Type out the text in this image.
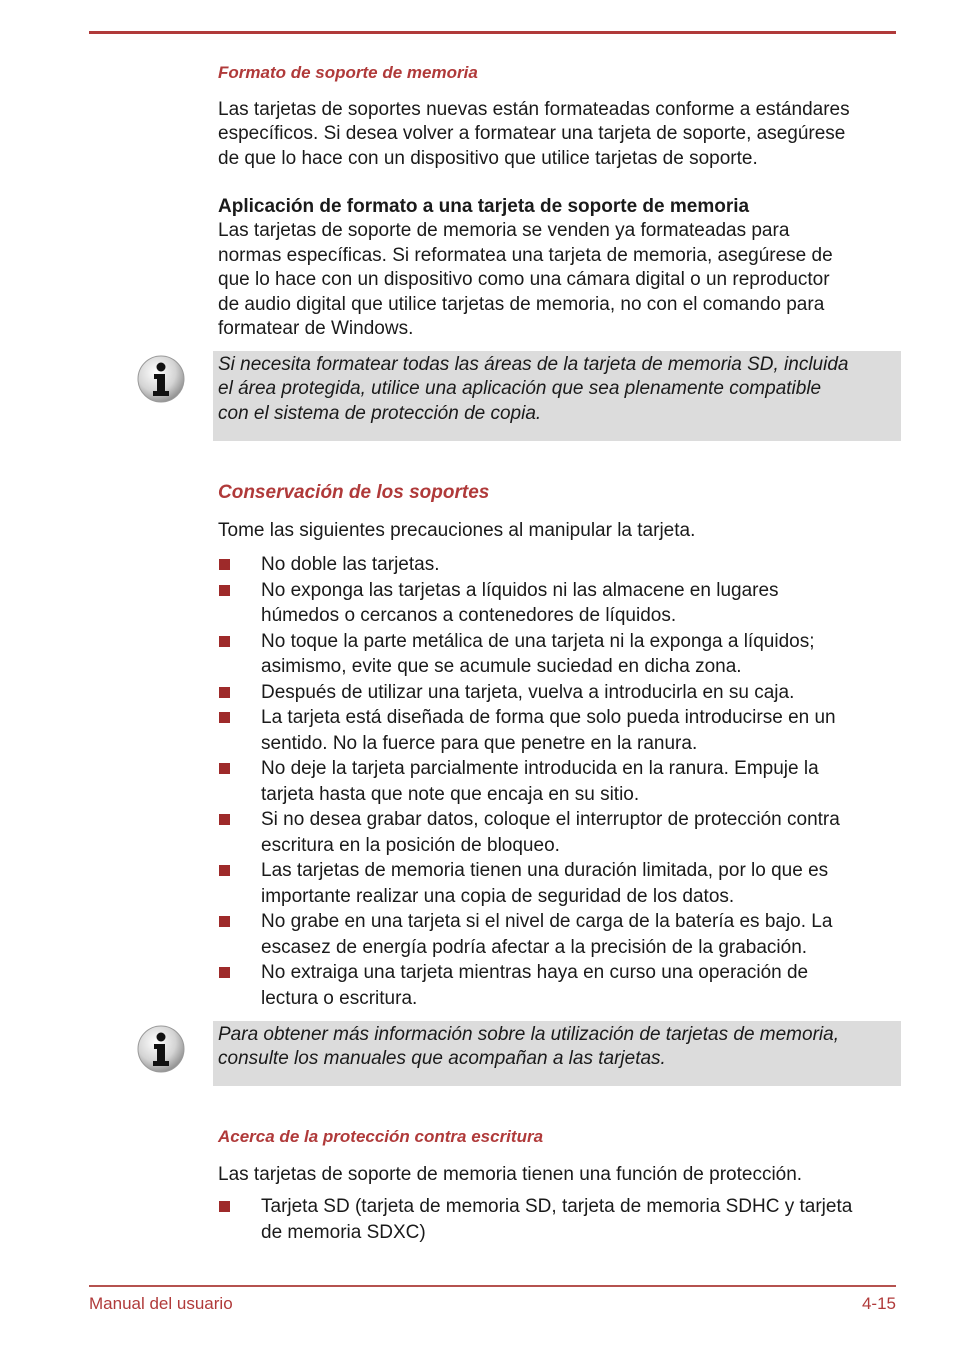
Formato de soporte de memoria
Las tarjetas de soportes nuevas están formateadas conforme a estándares
específicos. Si desea volver a formatear una tarjeta de soporte, asegúrese
de que lo hace con un dispositivo que utilice tarjetas de soporte.
Aplicación de formato a una tarjeta de soporte de memoria
Las tarjetas de soporte de memoria se venden ya formateadas para
normas específicas. Si reformatea una tarjeta de memoria, asegúrese de
que lo hace con un dispositivo como una cámara digital o un reproductor
de audio digital que utilice tarjetas de memoria, no con el comando para
formatear de Windows.
Si necesita formatear todas las áreas de la tarjeta de memoria SD, incluida
el área protegida, utilice una aplicación que sea plenamente compatible
con el sistema de protección de copia.
Conservación de los soportes
Tome las siguientes precauciones al manipular la tarjeta.
No doble las tarjetas.
No exponga las tarjetas a líquidos ni las almacene en lugares
húmedos o cercanos a contenedores de líquidos.
No toque la parte metálica de una tarjeta ni la exponga a líquidos;
asimismo, evite que se acumule suciedad en dicha zona.
Después de utilizar una tarjeta, vuelva a introducirla en su caja.
La tarjeta está diseñada de forma que solo pueda introducirse en un
sentido. No la fuerce para que penetre en la ranura.
No deje la tarjeta parcialmente introducida en la ranura. Empuje la
tarjeta hasta que note que encaja en su sitio.
Si no desea grabar datos, coloque el interruptor de protección contra
escritura en la posición de bloqueo.
Las tarjetas de memoria tienen una duración limitada, por lo que es
importante realizar una copia de seguridad de los datos.
No grabe en una tarjeta si el nivel de carga de la batería es bajo. La
escasez de energía podría afectar a la precisión de la grabación.
No extraiga una tarjeta mientras haya en curso una operación de
lectura o escritura.
Para obtener más información sobre la utilización de tarjetas de memoria,
consulte los manuales que acompañan a las tarjetas.
Acerca de la protección contra escritura
Las tarjetas de soporte de memoria tienen una función de protección.
Tarjeta SD (tarjeta de memoria SD, tarjeta de memoria SDHC y tarjeta
de memoria SDXC)
Manual del usuario	4-15
